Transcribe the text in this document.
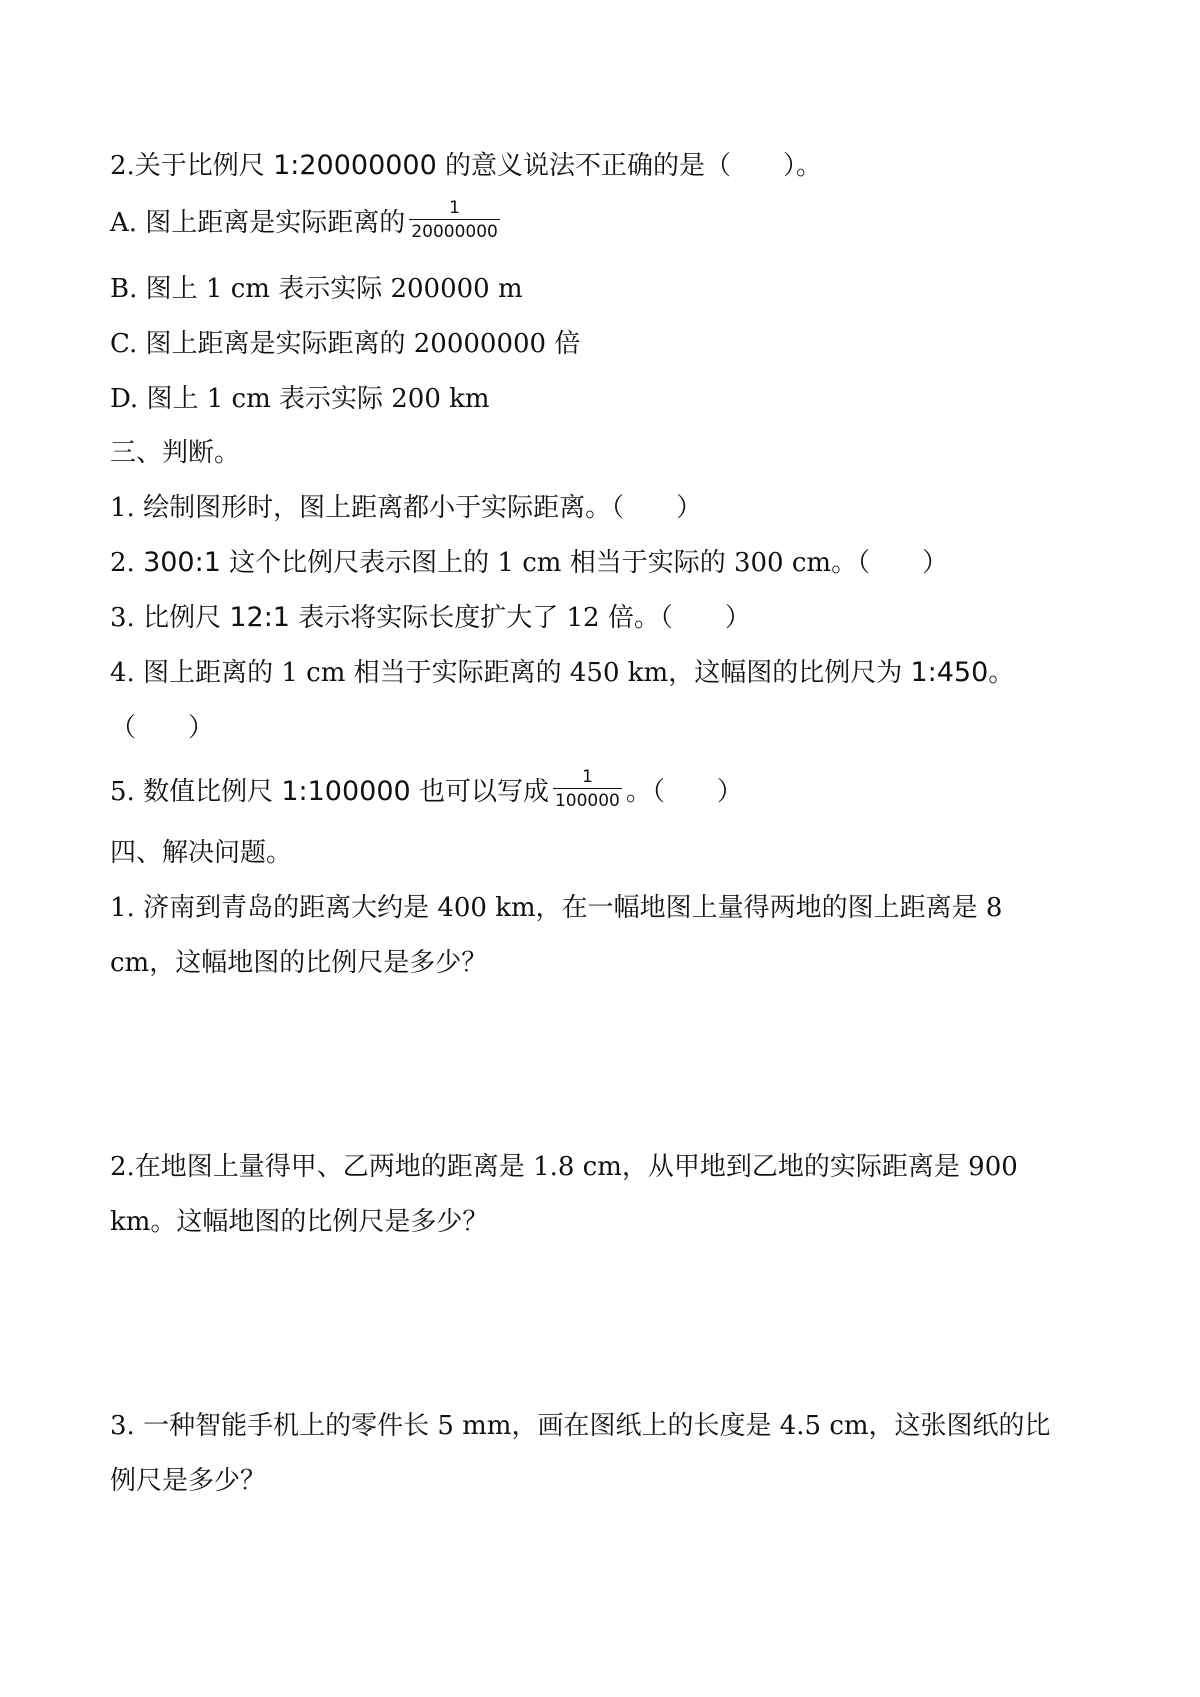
2.关于比例尺 1:20000000 的意义说法不正确的是（　　）。
A. 图上距离是实际距离的 $\frac{1}{20000000}$
B. 图上 1 cm 表示实际 200000 m
C. 图上距离是实际距离的 20000000 倍
D. 图上 1 cm 表示实际 200 km
三、判断。
1. 绘制图形时，图上距离都小于实际距离。（　　）
2. 300:1 这个比例尺表示图上的 1 cm 相当于实际的 300 cm。（　　）
3. 比例尺 12:1 表示将实际长度扩大了 12 倍。（　　）
4. 图上距离的 1 cm 相当于实际距离的 450 km，这幅图的比例尺为 1:450。
（　　）
5. 数值比例尺 1:100000 也可以写成 $\frac{1}{100000}$ 。（　　）
四、解决问题。
1. 济南到青岛的距离大约是 400 km，在一幅地图上量得两地的图上距离是 8
cm，这幅地图的比例尺是多少？
2.在地图上量得甲、乙两地的距离是 1.8 cm，从甲地到乙地的实际距离是 900
km。这幅地图的比例尺是多少？
3. 一种智能手机上的零件长 5 mm，画在图纸上的长度是 4.5 cm，这张图纸的比
例尺是多少？
